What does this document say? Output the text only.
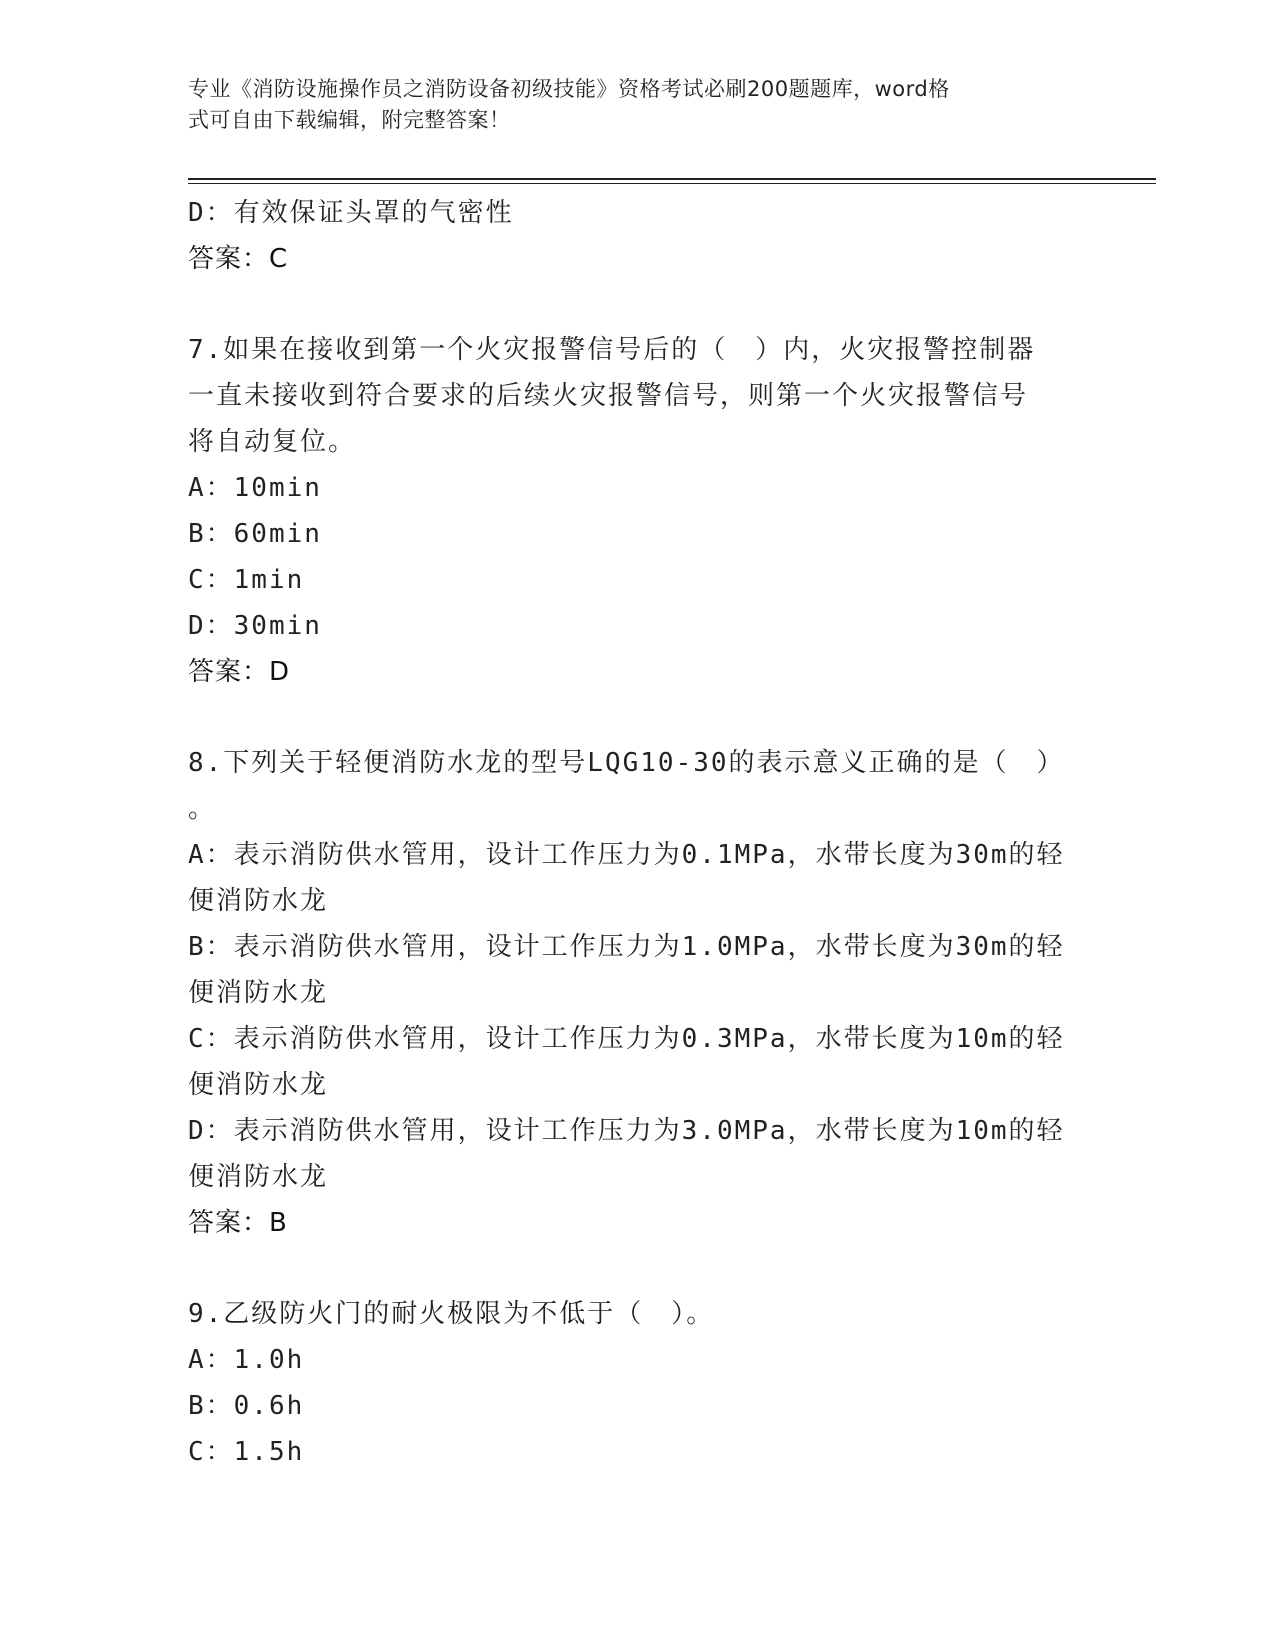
专业《消防设施操作员之消防设备初级技能》资格考试必刷200题题库，word格
式可自由下载编辑，附完整答案！
D：有效保证头罩的气密性
答案：C
7.如果在接收到第一个火灾报警信号后的（　）内，火灾报警控制器
一直未接收到符合要求的后续火灾报警信号，则第一个火灾报警信号
将自动复位。
A：10min
B：60min
C：1min
D：30min
答案：D
8.下列关于轻便消防水龙的型号LQG10-30的表示意义正确的是（　）
。
A：表示消防供水管用，设计工作压力为0.1MPa，水带长度为30m的轻
便消防水龙
B：表示消防供水管用，设计工作压力为1.0MPa，水带长度为30m的轻
便消防水龙
C：表示消防供水管用，设计工作压力为0.3MPa，水带长度为10m的轻
便消防水龙
D：表示消防供水管用，设计工作压力为3.0MPa，水带长度为10m的轻
便消防水龙
答案：B
9.乙级防火门的耐火极限为不低于（　）。
A：1.0h
B：0.6h
C：1.5h
